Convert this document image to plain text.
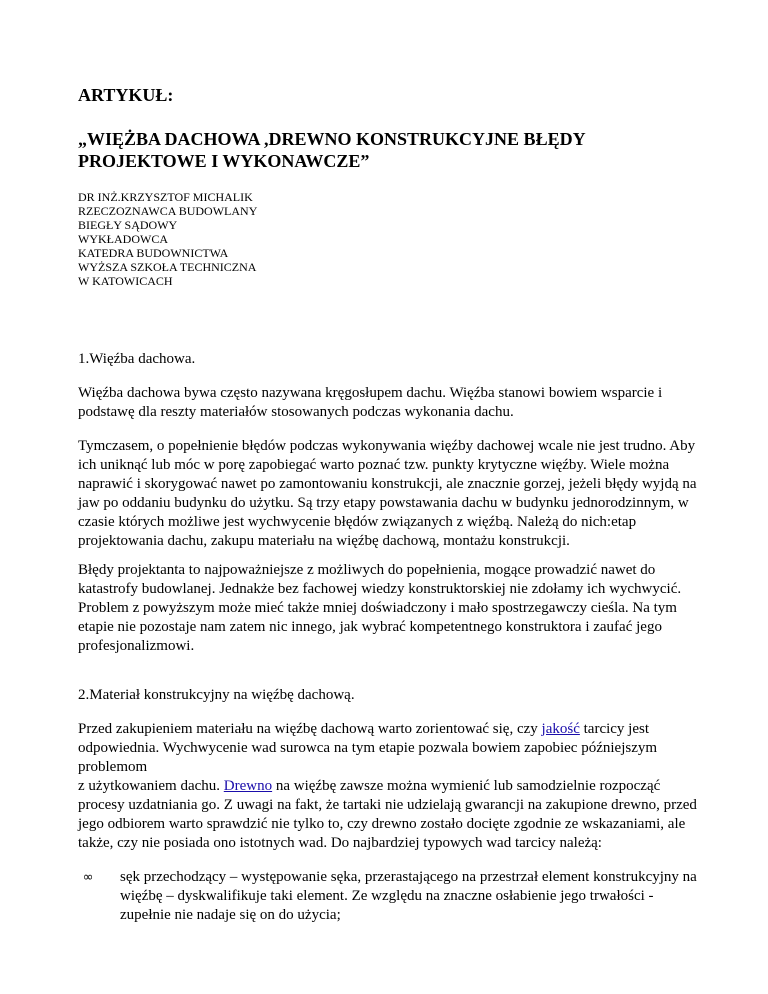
ARTYKUŁ:
„WIĘŻBA DACHOWA ,DREWNO KONSTRUKCYJNE BŁĘDY
PROJEKTOWE I WYKONAWCZE”
DR INŻ.KRZYSZTOF MICHALIK
RZECZOZNAWCA BUDOWLANY
BIEGŁY SĄDOWY
WYKŁADOWCA
KATEDRA BUDOWNICTWA
WYŻSZA SZKOŁA TECHNICZNA
W KATOWICACH
1.Więźba dachowa.

Więźba dachowa bywa często nazywana kręgosłupem dachu. Więźba stanowi bowiem wsparcie i podstawę dla reszty materiałów stosowanych podczas wykonania dachu.

Tymczasem, o popełnienie błędów podczas wykonywania więźby dachowej wcale nie jest trudno. Aby ich uniknąć lub móc w porę zapobiegać warto poznać tzw. punkty krytyczne więźby. Wiele można naprawić i skorygować nawet po zamontowaniu konstrukcji, ale znacznie gorzej, jeżeli błędy wyjdą na jaw po oddaniu budynku do użytku. Są trzy etapy powstawania dachu w budynku jednorodzinnym, w czasie których możliwe jest wychwycenie błędów związanych z więźbą. Należą do nich:etap projektowania dachu, zakupu materiału na więźbę dachową, montażu konstrukcji.

Błędy projektanta to najpoważniejsze z możliwych do popełnienia, mogące prowadzić nawet do katastrofy budowlanej. Jednakże bez fachowej wiedzy konstruktorskiej nie zdołamy ich wychwycić. Problem z powyższym może mieć także mniej doświadczony i mało spostrzegawczy cieśla. Na tym etapie nie pozostaje nam zatem nic innego, jak wybrać kompetentnego konstruktora i zaufać jego profesjonalizmowi.

2.Materiał konstrukcyjny na więźbę dachową.

Przed zakupieniem materiału na więźbę dachową warto zorientować się, czy jakość tarcicy jest odpowiednia. Wychwycenie wad surowca na tym etapie pozwala bowiem zapobiec późniejszym problemom

z użytkowaniem dachu. Drewno na więźbę zawsze można wymienić lub samodzielnie rozpocząć procesy uzdatniania go. Z uwagi na fakt, że tartaki nie udzielają gwarancji na zakupione drewno, przed jego odbiorem warto sprawdzić nie tylko to, czy drewno zostało docięte zgodnie ze wskazaniami, ale także, czy nie posiada ono istotnych wad. Do najbardziej typowych wad tarcicy należą:

∞	sęk przechodzący – występowanie sęka, przerastającego na przestrzał element konstrukcyjny na więźbę – dyskwalifikuje taki element. Ze względu na znaczne osłabienie jego trwałości - zupełnie nie nadaje się on do użycia;
